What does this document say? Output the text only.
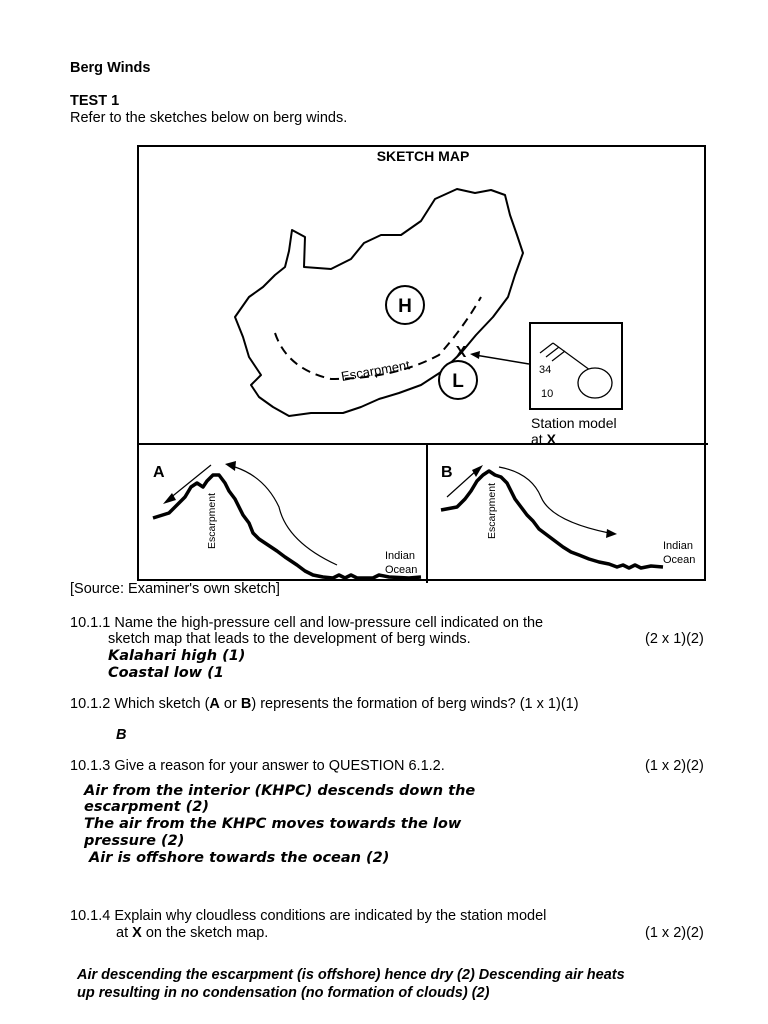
Berg Winds
TEST 1
Refer to the sketches below on berg winds.
SKETCH MAP
Escarpment
H
L
X
34
10
Station model
at X
A
Escarpment
Indian
Ocean
B
Escarpment
Indian
Ocean
[Source: Examiner's own sketch]
10.1.1 Name the high-pressure cell and low-pressure cell indicated on the
sketch map that leads to the development of berg winds.	(2 x 1)(2)
Kalahari high (1)
Coastal low (1
10.1.2 Which sketch (A or B) represents the formation of berg winds? (1 x 1)(1)
B
10.1.3 Give a reason for your answer to QUESTION 6.1.2.	(1 x 2)(2)
Air from the interior (KHPC) descends down the
escarpment (2)
The air from the KHPC moves towards the low
pressure (2)
Air is offshore towards the ocean (2)
10.1.4 Explain why cloudless conditions are indicated by the station model
at X on the sketch map.	(1 x 2)(2)
Air descending the escarpment (is offshore) hence dry (2) Descending air heats
up resulting in no condensation (no formation of clouds) (2)
